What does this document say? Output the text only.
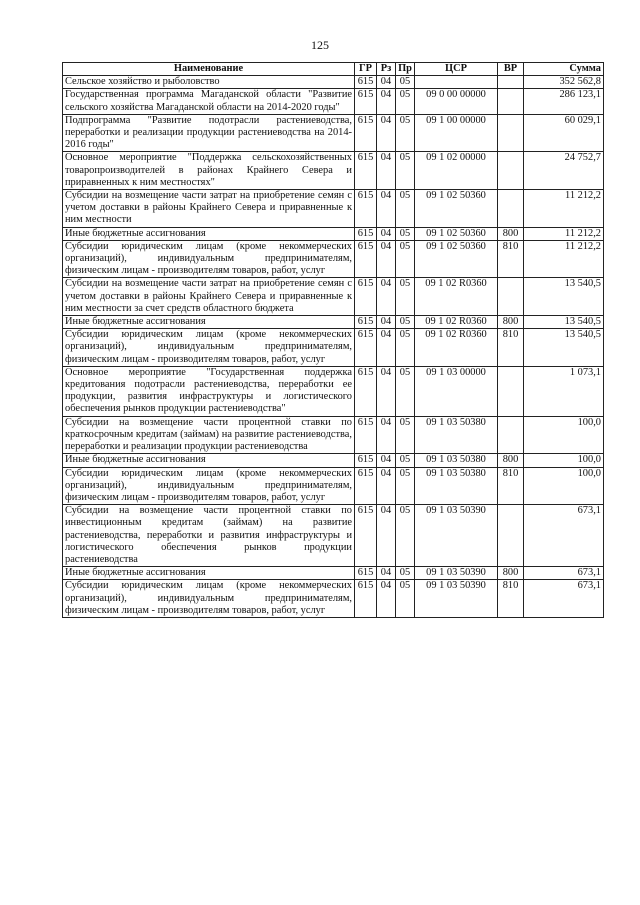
125
Наименование	ГР	Рз	Пр	ЦСР	ВР	Сумма
Сельское хозяйство и рыболовство	615	04	05			352 562,8
Государственная программа Магаданской области "Развитие сельского хозяйства Магаданской области на 2014-2020 годы"	615	04	05	09 0 00 00000		286 123,1
Подпрограмма "Развитие подотрасли растениеводства, переработки и реализации продукции растениеводства на 2014-2016 годы"	615	04	05	09 1 00 00000		60 029,1
Основное мероприятие "Поддержка сельскохозяйственных товаропроизводителей в районах Крайнего Севера и приравненных к ним местностях"	615	04	05	09 1 02 00000		24 752,7
Субсидии на возмещение части затрат на приобретение семян с учетом доставки в районы Крайнего Севера и приравненные к ним местности	615	04	05	09 1 02 50360		11 212,2
Иные бюджетные ассигнования	615	04	05	09 1 02 50360	800	11 212,2
Субсидии юридическим лицам (кроме некоммерческих организаций), индивидуальным предпринимателям, физическим лицам - производителям товаров, работ, услуг	615	04	05	09 1 02 50360	810	11 212,2
Субсидии на возмещение части затрат на приобретение семян с учетом доставки в районы Крайнего Севера и приравненные к ним местности за счет средств областного бюджета	615	04	05	09 1 02 R0360		13 540,5
Иные бюджетные ассигнования	615	04	05	09 1 02 R0360	800	13 540,5
Субсидии юридическим лицам (кроме некоммерческих организаций), индивидуальным предпринимателям, физическим лицам - производителям товаров, работ, услуг	615	04	05	09 1 02 R0360	810	13 540,5
Основное мероприятие "Государственная поддержка кредитования подотрасли растениеводства, переработки ее продукции, развития инфраструктуры и логистического обеспечения рынков продукции растениеводства"	615	04	05	09 1 03 00000		1 073,1
Субсидии на возмещение части процентной ставки по краткосрочным кредитам (займам) на развитие растениеводства, переработки и реализации продукции растениеводства	615	04	05	09 1 03 50380		100,0
Иные бюджетные ассигнования	615	04	05	09 1 03 50380	800	100,0
Субсидии юридическим лицам (кроме некоммерческих организаций), индивидуальным предпринимателям, физическим лицам - производителям товаров, работ, услуг	615	04	05	09 1 03 50380	810	100,0
Субсидии на возмещение части процентной ставки по инвестиционным кредитам (займам) на развитие растениеводства, переработки и развития инфраструктуры и логистического обеспечения рынков продукции растениеводства	615	04	05	09 1 03 50390		673,1
Иные бюджетные ассигнования	615	04	05	09 1 03 50390	800	673,1
Субсидии юридическим лицам (кроме некоммерческих организаций), индивидуальным предпринимателям, физическим лицам - производителям товаров, работ, услуг	615	04	05	09 1 03 50390	810	673,1
